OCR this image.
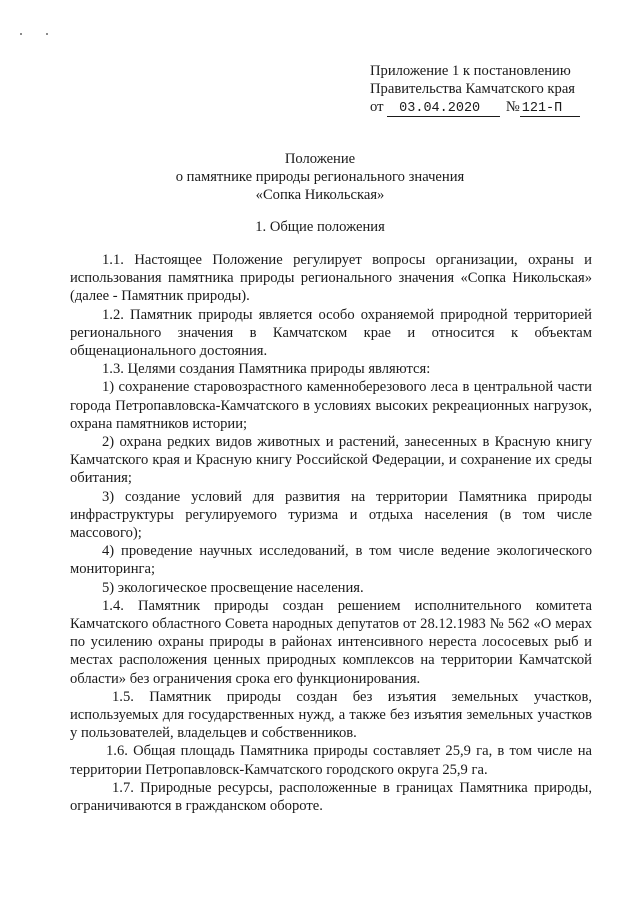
Приложение 1 к постановлению
Правительства Камчатского края
от 03.04.2020 № 121-П
Положение
о памятнике природы регионального значения
«Сопка Никольская»
1. Общие положения

1.1. Настоящее Положение регулирует вопросы организации, охраны и использования памятника природы регионального значения «Сопка Никольская» (далее - Памятник природы).

1.2. Памятник природы является особо охраняемой природной территорией регионального значения в Камчатском крае и относится к объектам общенационального достояния.

1.3. Целями создания Памятника природы являются:

1) сохранение старовозрастного каменноберезового леса в центральной части города Петропавловска-Камчатского в условиях высоких рекреационных нагрузок, охрана памятников истории;

2) охрана редких видов животных и растений, занесенных в Красную книгу Камчатского края и Красную книгу Российской Федерации, и сохранение их среды обитания;

3) создание условий для развития на территории Памятника природы инфраструктуры регулируемого туризма и отдыха населения (в том числе массового);

4) проведение научных исследований, в том числе ведение экологического мониторинга;

5) экологическое просвещение населения.

1.4. Памятник природы создан решением исполнительного комитета Камчатского областного Совета народных депутатов от 28.12.1983 № 562 «О мерах по усилению охраны природы в районах интенсивного нереста лососевых рыб и местах расположения ценных природных комплексов на территории Камчатской области» без ограничения срока его функционирования.

1.5. Памятник природы создан без изъятия земельных участков, используемых для государственных нужд, а также без изъятия земельных участков у пользователей, владельцев и собственников.

1.6. Общая площадь Памятника природы составляет 25,9 га, в том числе на территории Петропавловск-Камчатского городского округа 25,9 га.

1.7. Природные ресурсы, расположенные в границах Памятника природы, ограничиваются в гражданском обороте.
